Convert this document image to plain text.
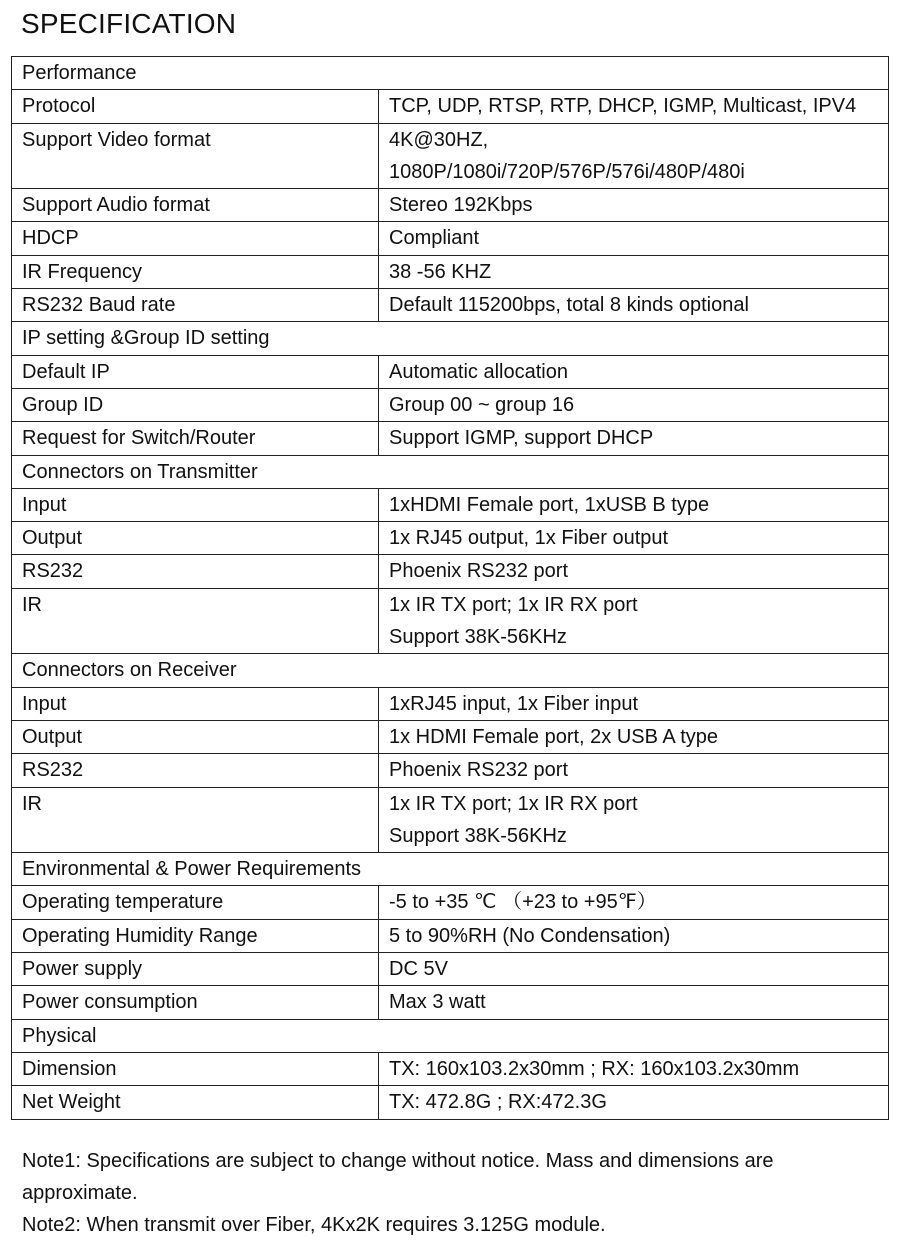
SPECIFICATION
Performance	
Protocol	TCP, UDP, RTSP, RTP, DHCP, IGMP, Multicast, IPV4
Support Video format	4K@30HZ,
1080P/1080i/720P/576P/576i/480P/480i
Support Audio format	Stereo 192Kbps
HDCP	Compliant
IR Frequency	38 -56 KHZ
RS232 Baud rate	Default 115200bps, total 8 kinds optional
IP setting &Group ID setting	
Default IP	Automatic allocation
Group ID	Group 00 ~ group 16
Request for Switch/Router	Support IGMP, support DHCP
Connectors on Transmitter	
Input	1xHDMI Female port, 1xUSB B type
Output	1x RJ45 output, 1x Fiber output
RS232	Phoenix RS232 port
IR	1x IR TX port; 1x IR RX port
Support 38K-56KHz
Connectors on Receiver	
Input	1xRJ45 input, 1x Fiber input
Output	1x HDMI Female port, 2x USB A type
RS232	Phoenix RS232 port
IR	1x IR TX port; 1x IR RX port
Support 38K-56KHz
Environmental & Power Requirements	
Operating temperature	-5 to +35 ℃ （+23 to +95℉）
Operating Humidity Range	5 to 90%RH (No Condensation)
Power supply	DC 5V
Power consumption	Max 3 watt
Physical	
Dimension	TX: 160x103.2x30mm ; RX: 160x103.2x30mm
Net Weight	TX: 472.8G ; RX:472.3G

Note1: Specifications are subject to change without notice. Mass and dimensions are approximate.

Note2: When transmit over Fiber, 4Kx2K requires 3.125G module.
